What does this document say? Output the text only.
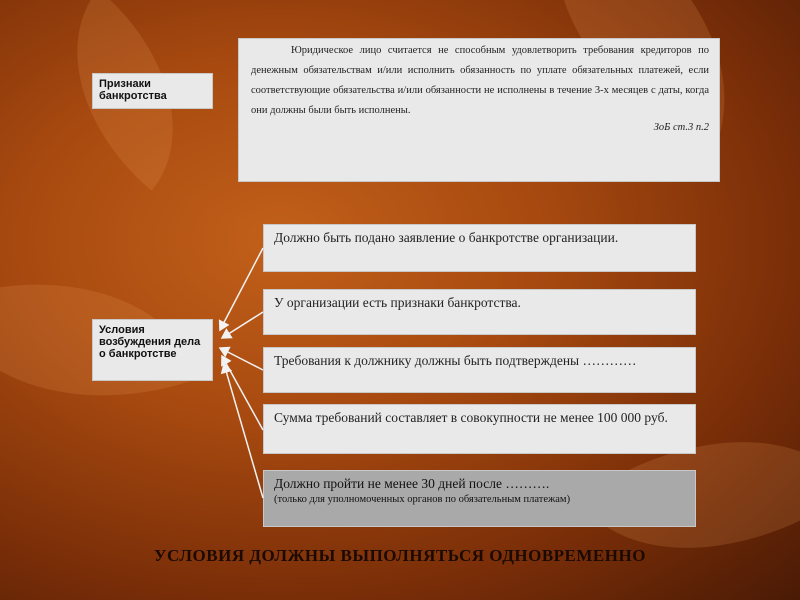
Признаки банкротства
Юридическое лицо считается не способным удовлетворить требования кредиторов по денежным обязательствам и/или исполнить обязанность по уплате обязательных платежей, если соответствующие обязательства и/или обязанности не исполнены в течение 3-х месяцев с даты, когда они должны были быть исполнены.
ЗоБ ст.3 п.2
Условия возбуждения дела о банкротстве
Должно быть подано заявление о банкротстве организации.
У организации есть признаки банкротства.
Требования к должнику должны быть подтверждены …………
Сумма требований составляет в совокупности не менее 100 000 руб.
Должно пройти не менее 30 дней после ……….
(только для уполномоченных органов по обязательным платежам)
УСЛОВИЯ ДОЛЖНЫ ВЫПОЛНЯТЬСЯ ОДНОВРЕМЕННО
